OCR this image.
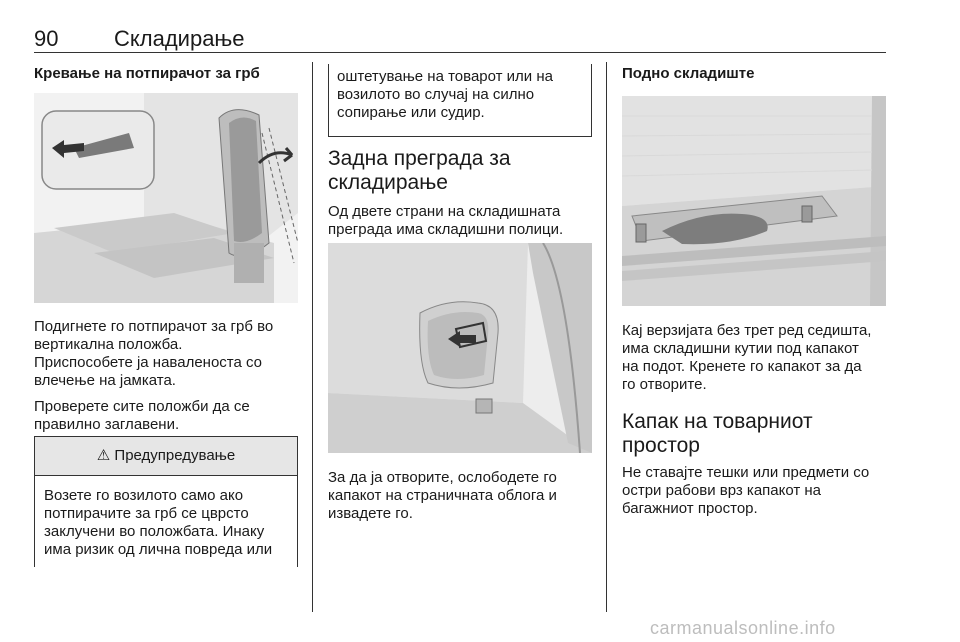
90	Складирање

Кревање на потпирачот за грб

Подигнете го потпирачот за грб во

вертикална положба.

Приспособете ја наваленоста со

влечење на јамката.

Проверете сите положби да се

правилно заглавени.

⚠ Предупредување
Возете го возилото само ако
потпирачите за грб се цврсто
заклучени во положбата. Инаку
има ризик од лична повреда или
оштетување на товарот или на
возилото во случај на силно
сопирање или судир.
Задна преграда за
складирање

Од двете страни на складишната

преграда има складишни полици.

За да ја отворите, ослободете го

капакот на страничната облога и

извадете го.

Подно складиште

Кај верзијата без трет ред седишта,

има складишни кутии под капакот

на подот. Кренете го капакот за да

го отворите.

Капак на товарниот
простор

Не ставајте тешки или предмети со

остри рабови врз капакот на

багажниот простор.

carmanualsonline.info
